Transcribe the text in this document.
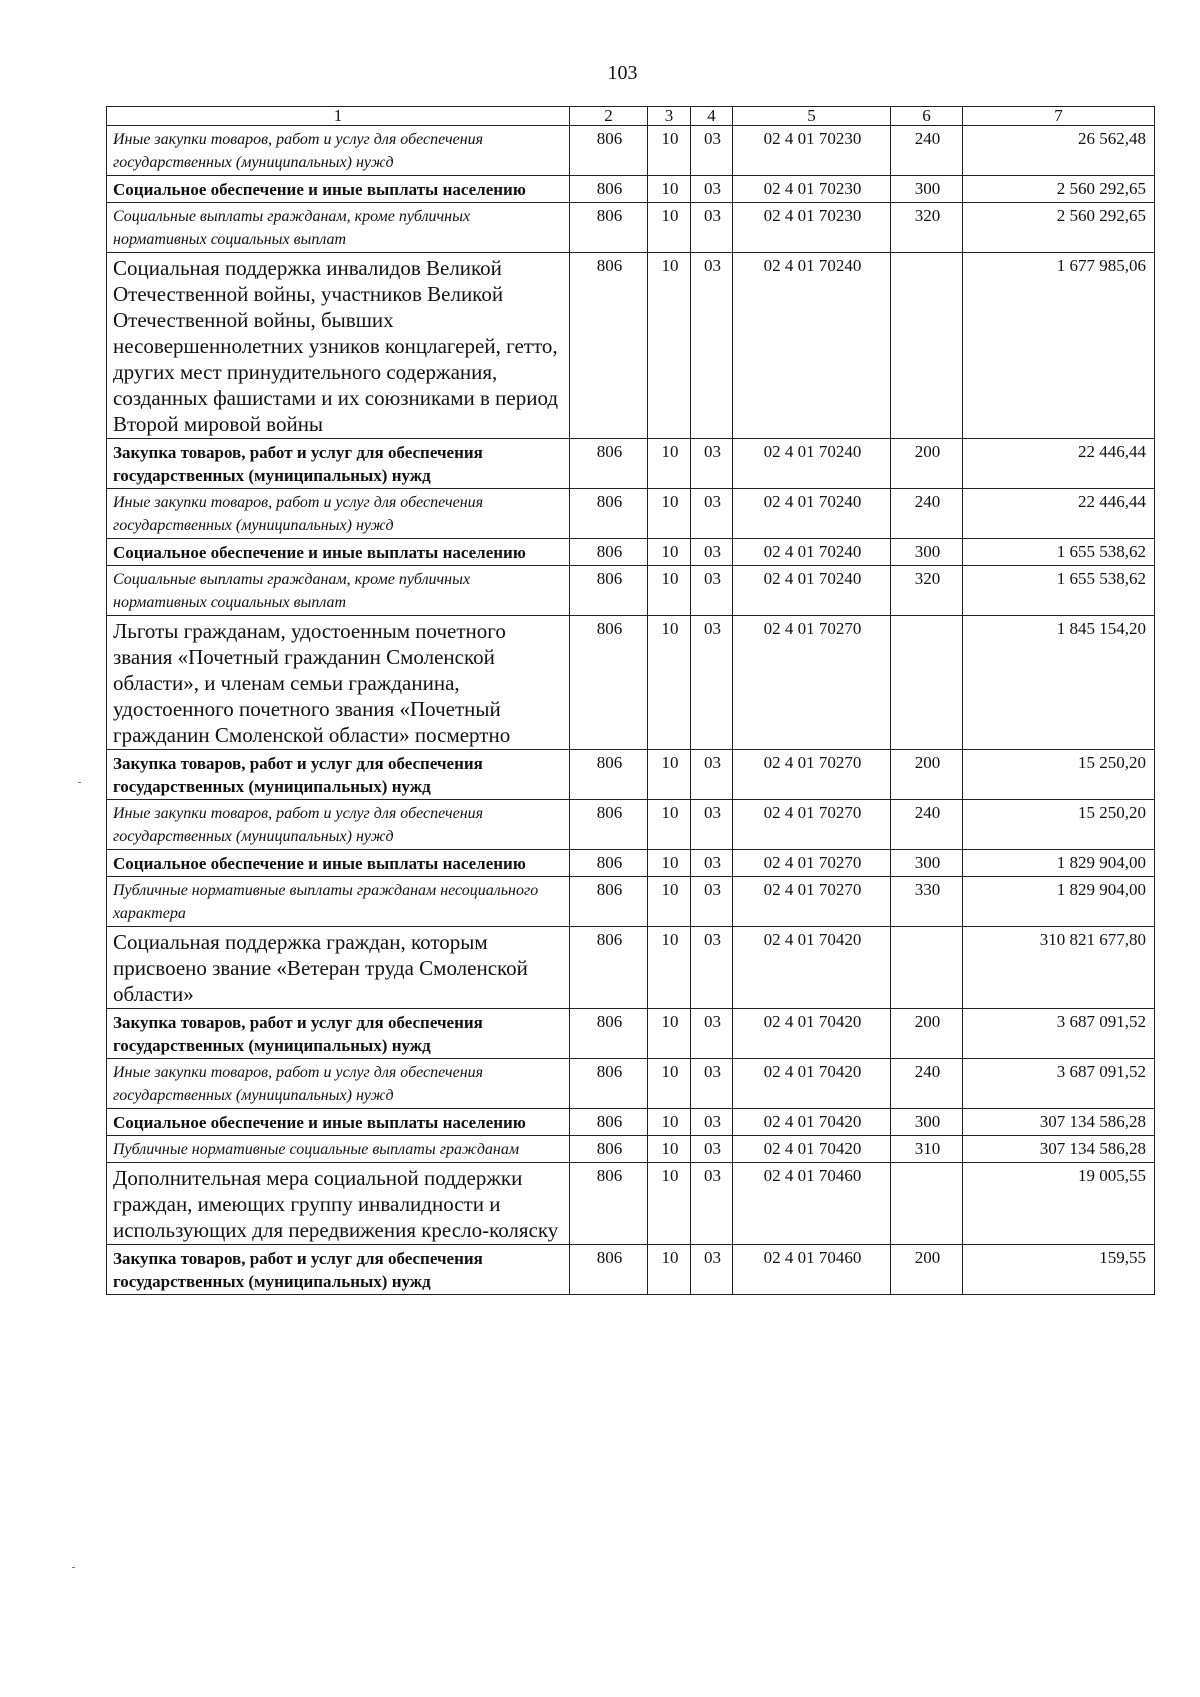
103
1	2	3	4	5	6	7
Иные закупки товаров, работ и услуг для обеспечения государственных (муниципальных) нужд	806	10	03	02 4 01 70230	240	26 562,48
Социальное обеспечение и иные выплаты населению	806	10	03	02 4 01 70230	300	2 560 292,65
Социальные выплаты гражданам, кроме публичных нормативных социальных выплат	806	10	03	02 4 01 70230	320	2 560 292,65
Социальная поддержка инвалидов Великой Отечественной войны, участников Великой Отечественной войны, бывших несовершеннолетних узников концлагерей, гетто, других мест принудительного содержания, созданных фашистами и их союзниками в период Второй мировой войны	806	10	03	02 4 01 70240		1 677 985,06
Закупка товаров, работ и услуг для обеспечения государственных (муниципальных) нужд	806	10	03	02 4 01 70240	200	22 446,44
Иные закупки товаров, работ и услуг для обеспечения государственных (муниципальных) нужд	806	10	03	02 4 01 70240	240	22 446,44
Социальное обеспечение и иные выплаты населению	806	10	03	02 4 01 70240	300	1 655 538,62
Социальные выплаты гражданам, кроме публичных нормативных социальных выплат	806	10	03	02 4 01 70240	320	1 655 538,62
Льготы гражданам, удостоенным почетного звания «Почетный гражданин Смоленской области», и членам семьи гражданина, удостоенного почетного звания «Почетный гражданин Смоленской области» посмертно	806	10	03	02 4 01 70270		1 845 154,20
Закупка товаров, работ и услуг для обеспечения государственных (муниципальных) нужд	806	10	03	02 4 01 70270	200	15 250,20
Иные закупки товаров, работ и услуг для обеспечения государственных (муниципальных) нужд	806	10	03	02 4 01 70270	240	15 250,20
Социальное обеспечение и иные выплаты населению	806	10	03	02 4 01 70270	300	1 829 904,00
Публичные нормативные выплаты гражданам несоциального характера	806	10	03	02 4 01 70270	330	1 829 904,00
Социальная поддержка граждан, которым присвоено звание «Ветеран труда Смоленской области»	806	10	03	02 4 01 70420		310 821 677,80
Закупка товаров, работ и услуг для обеспечения государственных (муниципальных) нужд	806	10	03	02 4 01 70420	200	3 687 091,52
Иные закупки товаров, работ и услуг для обеспечения государственных (муниципальных) нужд	806	10	03	02 4 01 70420	240	3 687 091,52
Социальное обеспечение и иные выплаты населению	806	10	03	02 4 01 70420	300	307 134 586,28
Публичные нормативные социальные выплаты гражданам	806	10	03	02 4 01 70420	310	307 134 586,28
Дополнительная мера социальной поддержки граждан, имеющих группу инвалидности и использующих для передвижения кресло-коляску	806	10	03	02 4 01 70460		19 005,55
Закупка товаров, работ и услуг для обеспечения государственных (муниципальных) нужд	806	10	03	02 4 01 70460	200	159,55
